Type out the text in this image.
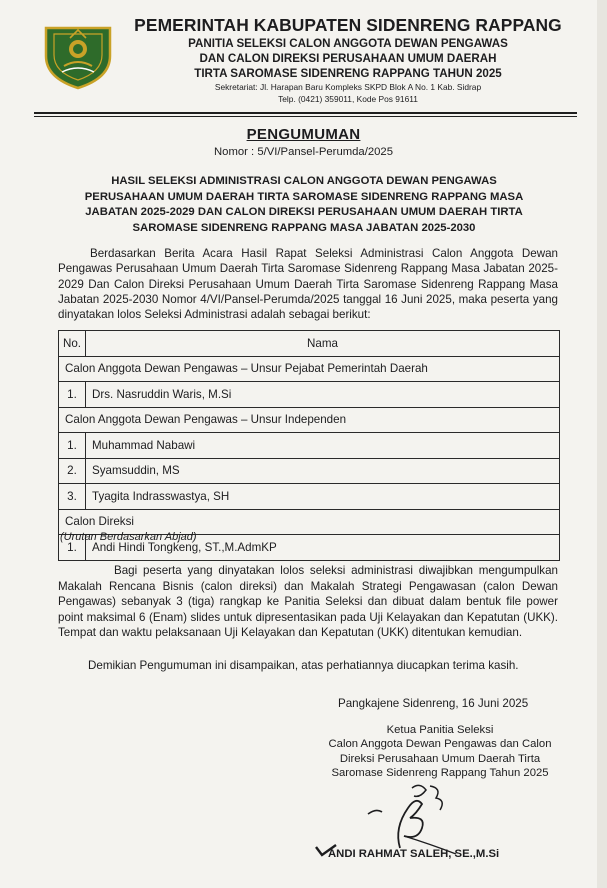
PEMERINTAH KABUPATEN SIDENRENG RAPPANG
PANITIA SELEKSI CALON ANGGOTA DEWAN PENGAWAS
DAN CALON DIREKSI PERUSAHAAN UMUM DAERAH
TIRTA SAROMASE SIDENRENG RAPPANG TAHUN 2025
Sekretariat: Jl. Harapan Baru Kompleks SKPD Blok A No. 1 Kab. Sidrap
Telp. (0421) 359011, Kode Pos 91611
PENGUMUMAN
Nomor : 5/VI/Pansel-Perumda/2025
HASIL SELEKSI ADMINISTRASI CALON ANGGOTA DEWAN PENGAWAS
PERUSAHAAN UMUM DAERAH TIRTA SAROMASE SIDENRENG RAPPANG MASA
JABATAN 2025-2029 DAN CALON DIREKSI PERUSAHAAN UMUM DAERAH TIRTA
SAROMASE SIDENRENG RAPPANG MASA JABATAN 2025-2030
Berdasarkan Berita Acara Hasil Rapat Seleksi Administrasi Calon Anggota Dewan Pengawas Perusahaan Umum Daerah Tirta Saromase Sidenreng Rappang Masa Jabatan 2025-2029 Dan Calon Direksi Perusahaan Umum Daerah Tirta Saromase Sidenreng Rappang Masa Jabatan 2025-2030 Nomor 4/VI/Pansel-Perumda/2025 tanggal 16 Juni 2025, maka peserta yang dinyatakan lolos Seleksi Administrasi adalah sebagai berikut:
No.	Nama
Calon Anggota Dewan Pengawas – Unsur Pejabat Pemerintah Daerah	
1.	Drs. Nasruddin Waris, M.Si
Calon Anggota Dewan Pengawas – Unsur Independen	
1.	Muhammad Nabawi
2.	Syamsuddin, MS
3.	Tyagita Indrasswastya, SH
Calon Direksi	
1.	Andi Hindi Tongkeng, ST.,M.AdmKP
(Urutan Berdasarkan Abjad)
Bagi peserta yang dinyatakan lolos seleksi administrasi diwajibkan mengumpulkan Makalah Rencana Bisnis (calon direksi) dan Makalah Strategi Pengawasan (calon Dewan Pengawas) sebanyak 3 (tiga) rangkap ke Panitia Seleksi dan dibuat dalam bentuk file power point maksimal 6 (Enam) slides untuk dipresentasikan pada Uji Kelayakan dan Kepatutan (UKK). Tempat dan waktu pelaksanaan Uji Kelayakan dan Kepatutan (UKK) ditentukan kemudian.
Demikian Pengumuman ini disampaikan, atas perhatiannya diucapkan terima kasih.
Pangkajene Sidenreng, 16 Juni 2025
Ketua Panitia Seleksi
Calon Anggota Dewan Pengawas dan Calon
Direksi Perusahaan Umum Daerah Tirta
Saromase Sidenreng Rappang Tahun 2025
ANDI RAHMAT SALEH, SE.,M.Si
